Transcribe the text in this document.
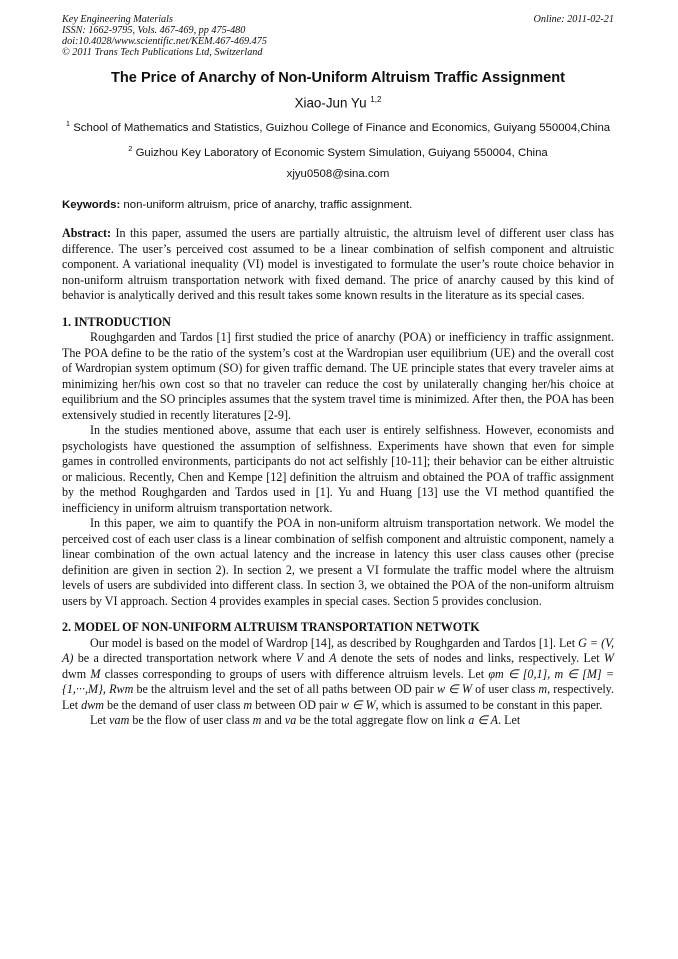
Key Engineering Materials
ISSN: 1662-9795, Vols. 467-469, pp 475-480
doi:10.4028/www.scientific.net/KEM.467-469.475
© 2011 Trans Tech Publications Ltd, Switzerland
Online: 2011-02-21
The Price of Anarchy of Non-Uniform Altruism Traffic Assignment
Xiao-Jun Yu $^{1,2}$
$^1$ School of Mathematics and Statistics, Guizhou College of Finance and Economics, Guiyang 550004,China
$^2$ Guizhou Key Laboratory of Economic System Simulation, Guiyang 550004, China
xjyu0508@sina.com
Keywords: non-uniform altruism, price of anarchy, traffic assignment.

Abstract: In this paper, assumed the users are partially altruistic, the altruism level of different user class has difference. The user’s perceived cost assumed to be a linear combination of selfish component and altruistic component. A variational inequality (VI) model is investigated to formulate the user’s route choice behavior in non-uniform altruism transportation network with fixed demand. The price of anarchy caused by this kind of behavior is analytically derived and this result takes some known results in the literature as its special cases.

1. INTRODUCTION

Roughgarden and Tardos [1] first studied the price of anarchy (POA) or inefficiency in traffic assignment. The POA define to be the ratio of the system’s cost at the Wardropian user equilibrium (UE) and the overall cost of Wardropian system optimum (SO) for given traffic demand. The UE principle states that every traveler aims at minimizing her/his own cost so that no traveler can reduce the cost by unilaterally changing her/his choice at equilibrium and the SO principles assumes that the system travel time is minimized. After then, the POA has been extensively studied in recently literatures [2-9].

In the studies mentioned above, assume that each user is entirely selfishness. However, economists and psychologists have questioned the assumption of selfishness. Experiments have shown that even for simple games in controlled environments, participants do not act selfishly [10-11]; their behavior can be either altruistic or malicious. Recently, Chen and Kempe [12] definition the altruism and obtained the POA of traffic assignment by the method Roughgarden and Tardos used in [1]. Yu and Huang [13] use the VI method quantified the inefficiency in uniform altruism transportation network.

In this paper, we aim to quantify the POA in non-uniform altruism transportation network. We model the perceived cost of each user class is a linear combination of selfish component and altruistic component, namely a linear combination of the own actual latency and the increase in latency this user class causes other (precise definition are given in section 2). In section 2, we present a VI formulate the traffic model where the altruism levels of users are subdivided into different class. In section 3, we obtained the POA of the non-uniform altruism users by VI approach. Section 4 provides examples in special cases. Section 5 provides conclusion.

2. MODEL OF NON-UNIFORM ALTRUISM TRANSPORTATION NETWOTK

Our model is based on the model of Wardrop [14], as described by Roughgarden and Tardos [1]. Let G = (V, A) be a directed transportation network where V and A denote the sets of nodes and links, respectively. Let W dwm M classes corresponding to groups of users with difference altruism levels. Let φm ∈ [0,1], m ∈ [M] = {1,···,M}, Rwm be the altruism level and the set of all paths between OD pair w ∈ W of user class m, respectively. Let dwm be the demand of user class m between OD pair w ∈ W, which is assumed to be constant in this paper.

Let vam be the flow of user class m and va be the total aggregate flow on link a ∈ A. Let
